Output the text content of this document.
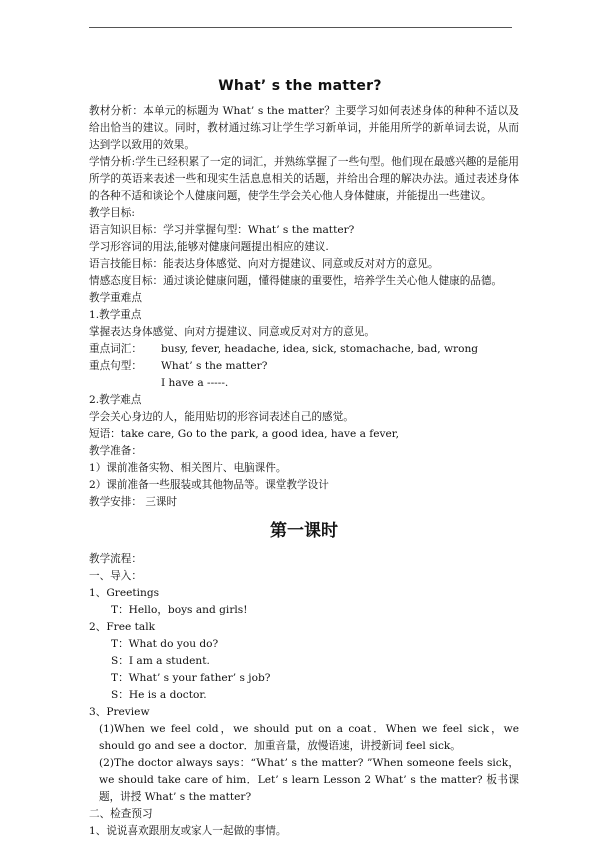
What’ s the matter?

教材分析：本单元的标题为 What’ s the matter？主要学习如何表述身体的种种不适以及给出恰当的建议。同时，教材通过练习让学生学习新单词，并能用所学的新单词去说，从而达到学以致用的效果。

学情分析:学生已经积累了一定的词汇，并熟练掌握了一些句型。他们现在最感兴趣的是能用所学的英语来表述一些和现实生活息息相关的话题，并给出合理的解决办法。通过表述身体的各种不适和谈论个人健康问题，使学生学会关心他人身体健康，并能提出一些建议。

教学目标:

语言知识目标：学习并掌握句型：What’ s the matter?

学习形容词的用法,能够对健康问题提出相应的建议.

语言技能目标：能表达身体感觉、向对方提建议、同意或反对对方的意见。

情感态度目标：通过谈论健康问题，懂得健康的重要性，培养学生关心他人健康的品德。

教学重难点

1.教学重点

掌握表达身体感觉、向对方提建议、同意或反对对方的意见。

重点词汇： busy, fever, headache, idea, sick, stomachache, bad, wrong

重点句型： What’ s the matter?

I have a -----.

2.教学难点

学会关心身边的人，能用贴切的形容词表述自己的感觉。

短语：take care, Go to the park, a good idea, have a fever,

教学准备：

1）课前准备实物、相关图片、电脑课件。

2）课前准备一些服装或其他物品等。课堂教学设计

教学安排： 三课时

第一课时

教学流程：

一、导入：

1、Greetings

T：Hello，boys and girls!

2、Free talk

T：What do you do?

S：I am a student.

T：What’ s your father’ s job?

S：He is a doctor.

3、Preview

(1)When we feel cold，we should put on a coat．When we feel sick，we should go and see a doctor．加重音量，放慢语速，讲授新词 feel sick。

(2)The doctor always says：“What’ s the matter? ”When someone feels sick，we should take care of him．Let’ s learn Lesson 2 What’ s the matter? 板书课题，讲授 What’ s the matter?

二、检查预习

1、说说喜欢跟朋友或家人一起做的事情。
